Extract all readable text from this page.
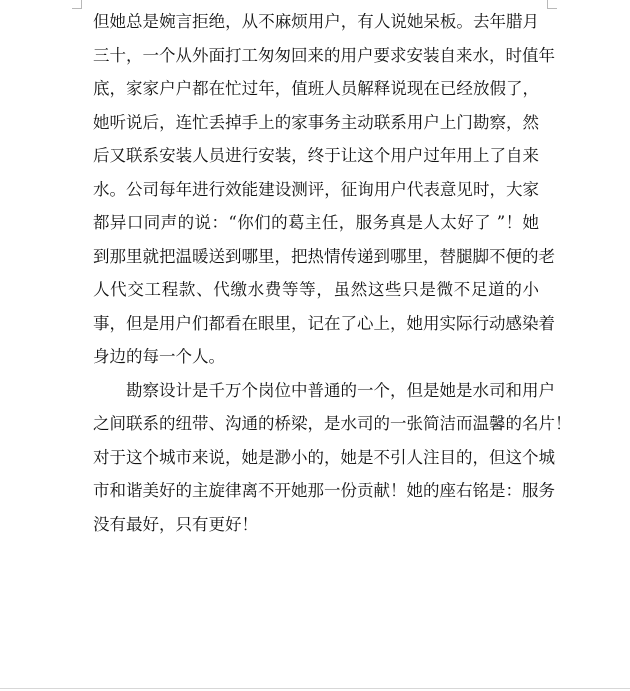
但她总是婉言拒绝，从不麻烦用户，有人说她呆板。去年腊月
三十，一个从外面打工匆匆回来的用户要求安装自来水，时值年
底，家家户户都在忙过年，值班人员解释说现在已经放假了，
她听说后，连忙丢掉手上的家事务主动联系用户上门勘察，然
后又联系安装人员进行安装，终于让这个用户过年用上了自来
水。公司每年进行效能建设测评，征询用户代表意见时，大家
都异口同声的说：“你们的葛主任，服务真是人太好了 ”！她
到那里就把温暖送到哪里，把热情传递到哪里，替腿脚不便的老
人代交工程款、代缴水费等等，虽然这些只是微不足道的小
事，但是用户们都看在眼里，记在了心上，她用实际行动感染着
身边的每一个人。
勘察设计是千万个岗位中普通的一个，但是她是水司和用户
之间联系的纽带、沟通的桥梁，是水司的一张简洁而温馨的名片！
对于这个城市来说，她是渺小的，她是不引人注目的，但这个城
市和谐美好的主旋律离不开她那一份贡献！她的座右铭是：服务
没有最好，只有更好！
